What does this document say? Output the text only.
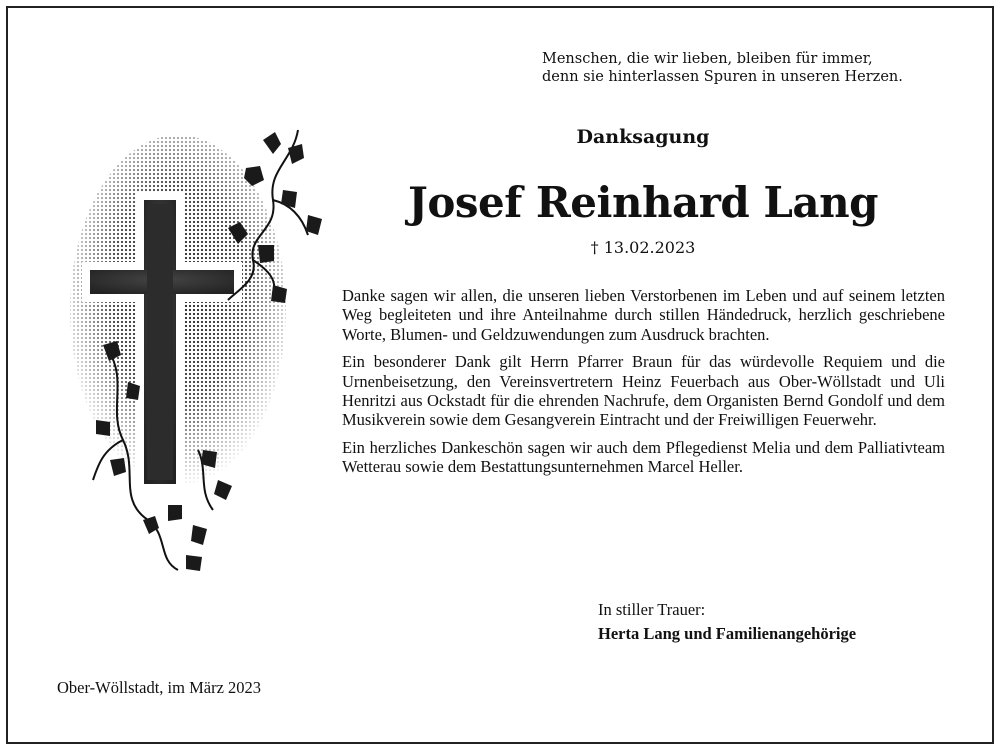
Menschen, die wir lieben, bleiben für immer,
denn sie hinterlassen Spuren in unseren Herzen.
Danksagung
Josef Reinhard Lang
† 13.02.2023

Danke sagen wir allen, die unseren lieben Verstorbenen im Leben und auf seinem letzten Weg begleiteten und ihre Anteilnahme durch stillen Händedruck, herzlich geschriebene Worte, Blumen- und Geldzuwendungen zum Ausdruck brachten.

Ein besonderer Dank gilt Herrn Pfarrer Braun für das würdevolle Requiem und die Urnenbeisetzung, den Vereinsvertretern Heinz Feuerbach aus Ober-Wöllstadt und Uli Henritzi aus Ockstadt für die ehrenden Nachrufe, dem Organisten Bernd Gondolf und dem Musikverein sowie dem Gesangverein Eintracht und der Freiwilligen Feuerwehr.

Ein herzliches Dankeschön sagen wir auch dem Pflegedienst Melia und dem Palliativteam Wetterau sowie dem Bestattungsunternehmen Marcel Heller.

In stiller Trauer:
Herta Lang und Familienangehörige
Ober-Wöllstadt, im März 2023
